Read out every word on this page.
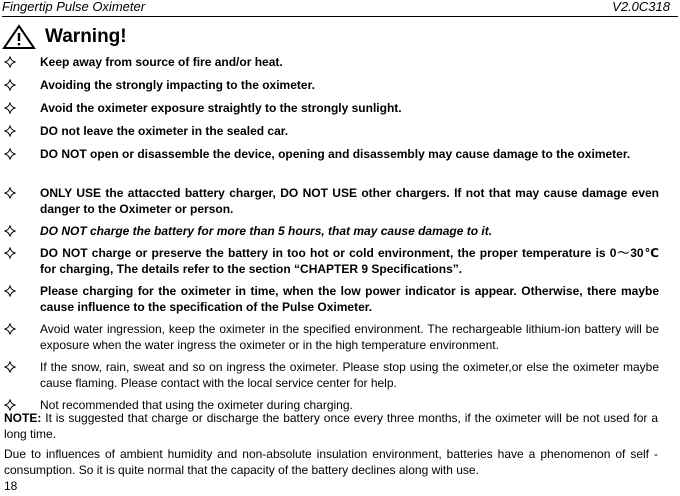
Fingertip Pulse Oximeter	V2.0C318
Warning!
Keep away from source of fire and/or heat.
Avoiding the strongly impacting to the oximeter.
Avoid the oximeter exposure straightly to the strongly sunlight.
DO not leave the oximeter in the sealed car.
DO NOT open or disassemble the device, opening and disassembly may cause damage to the oximeter.
ONLY USE the attaccted battery charger, DO NOT USE other chargers. If not that may cause damage even danger to the Oximeter or person.
DO NOT charge the battery for more than 5 hours, that may cause damage to it.
DO NOT charge or preserve the battery in too hot or cold environment, the proper temperature is 0～30℃ for charging, The details refer to the section “CHAPTER 9 Specifications”.
Please charging for the oximeter in time, when the low power indicator is appear. Otherwise, there maybe cause influence to the specification of the Pulse Oximeter.
Avoid water ingression, keep the oximeter in the specified environment. The rechargeable lithium-ion battery will be exposure when the water ingress the oximeter or in the high temperature environment.
If the snow, rain, sweat and so on ingress the oximeter. Please stop using the oximeter,or else the oximeter maybe cause flaming. Please contact with the local service center for help.
Not recommended that using the oximeter during charging.
NOTE: It is suggested that charge or discharge the battery once every three months, if the oximeter will be not used for a long time.
Due to influences of ambient humidity and non-absolute insulation environment, batteries have a phenomenon of self - consumption. So it is quite normal that the capacity of the battery declines along with use.
18
